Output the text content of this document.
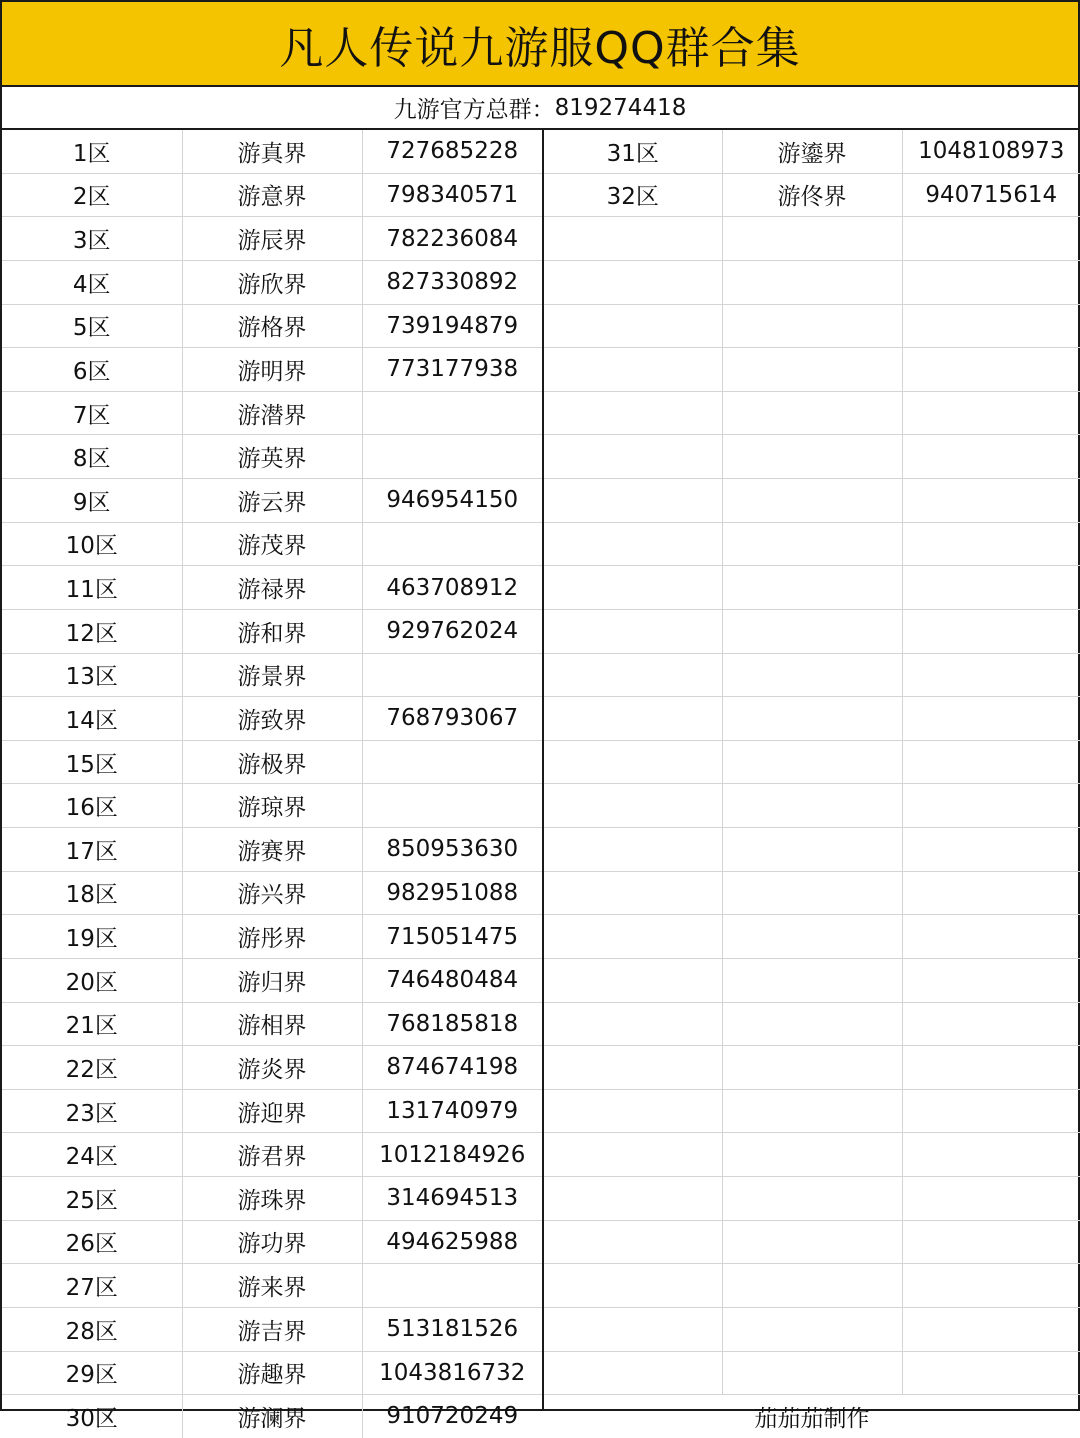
凡人传说九游服QQ群合集
九游官方总群： 819274418
1区	游真界	727685228
2区	游意界	798340571
3区	游辰界	782236084
4区	游欣界	827330892
5区	游格界	739194879
6区	游明界	773177938
7区	游潜界	
8区	游英界	
9区	游云界	946954150
10区	游茂界	
11区	游禄界	463708912
12区	游和界	929762024
13区	游景界	
14区	游致界	768793067
15区	游极界	
16区	游琼界	
17区	游赛界	850953630
18区	游兴界	982951088
19区	游彤界	715051475
20区	游归界	746480484
21区	游相界	768185818
22区	游炎界	874674198
23区	游迎界	131740979
24区	游君界	1012184926
25区	游珠界	314694513
26区	游功界	494625988
27区	游来界	
28区	游吉界	513181526
29区	游趣界	1043816732
30区	游澜界	910720249
31区	游鎏界	1048108973
32区	游佟界	940715614

茄茄茄制作		
